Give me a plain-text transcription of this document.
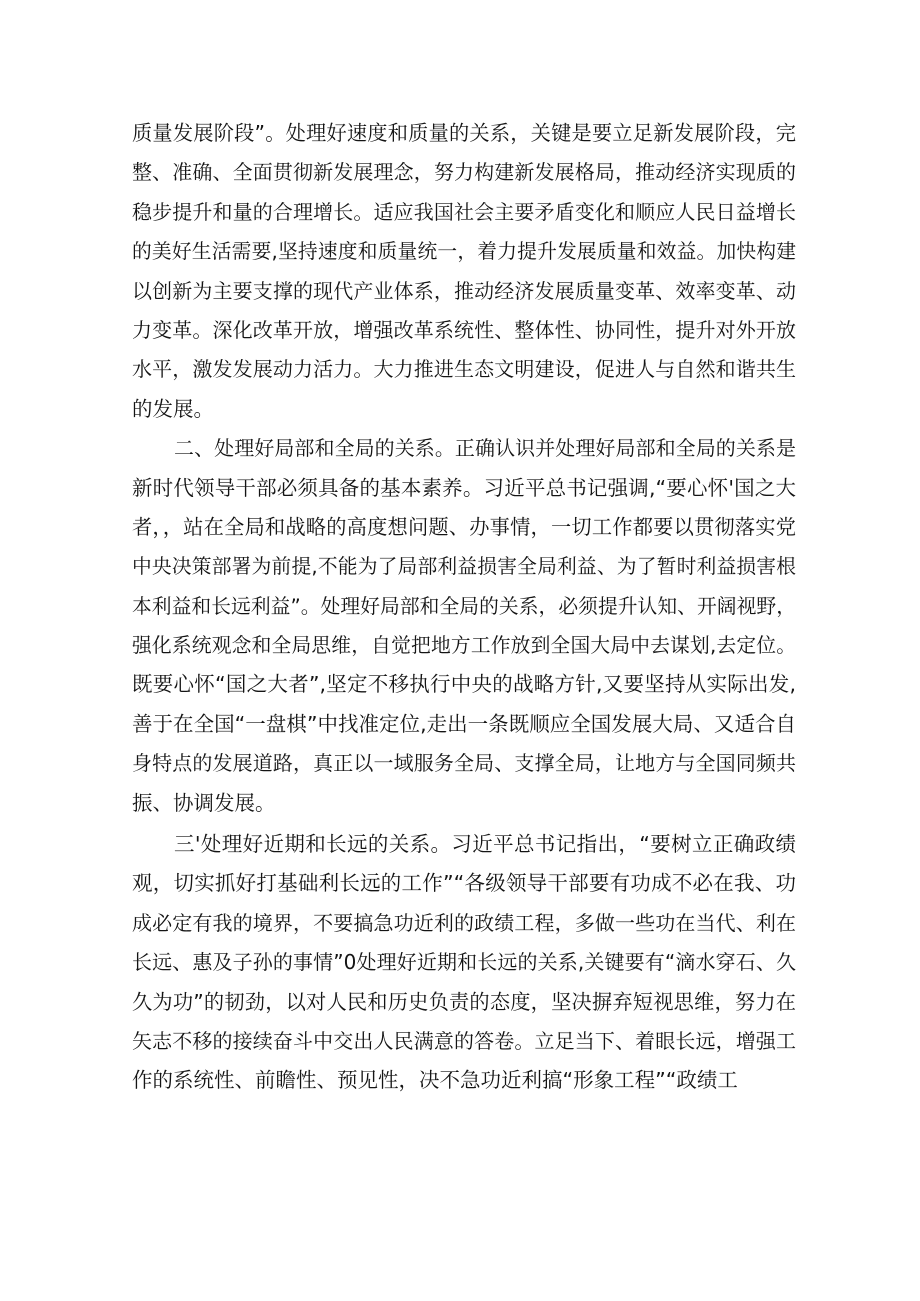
质量发展阶段”。处理好速度和质量的关系，关键是要立足新发展阶段，完
整、准确、全面贯彻新发展理念，努力构建新发展格局，推动经济实现质的
稳步提升和量的合理增长。适应我国社会主要矛盾变化和顺应人民日益增长
的美好生活需要,坚持速度和质量统一，着力提升发展质量和效益。加快构建
以创新为主要支撑的现代产业体系，推动经济发展质量变革、效率变革、动
力变革。深化改革开放，增强改革系统性、整体性、协同性，提升对外开放
水平，激发发展动力活力。大力推进生态文明建设，促进人与自然和谐共生
的发展。
二、处理好局部和全局的关系。正确认识并处理好局部和全局的关系是
新时代领导干部必须具备的基本素养。习近平总书记强调,“要心怀'国之大
者，，站在全局和战略的高度想问题、办事情，一切工作都要以贯彻落实党
中央决策部署为前提,不能为了局部利益损害全局利益、为了暂时利益损害根
本利益和长远利益”。处理好局部和全局的关系，必须提升认知、开阔视野，
强化系统观念和全局思维，自觉把地方工作放到全国大局中去谋划,去定位。
既要心怀“国之大者”,坚定不移执行中央的战略方针,又要坚持从实际出发,
善于在全国“一盘棋”中找准定位,走出一条既顺应全国发展大局、又适合自
身特点的发展道路，真正以一域服务全局、支撑全局，让地方与全国同频共
振、协调发展。
三'处理好近期和长远的关系。习近平总书记指出，“要树立正确政绩
观，切实抓好打基础利长远的工作”“各级领导干部要有功成不必在我、功
成必定有我的境界，不要搞急功近利的政绩工程，多做一些功在当代、利在
长远、惠及子孙的事情”0处理好近期和长远的关系,关键要有“滴水穿石、久
久为功”的韧劲，以对人民和历史负责的态度，坚决摒弃短视思维，努力在
矢志不移的接续奋斗中交出人民满意的答卷。立足当下、着眼长远，增强工
作的系统性、前瞻性、预见性，决不急功近利搞“形象工程”“政绩工
